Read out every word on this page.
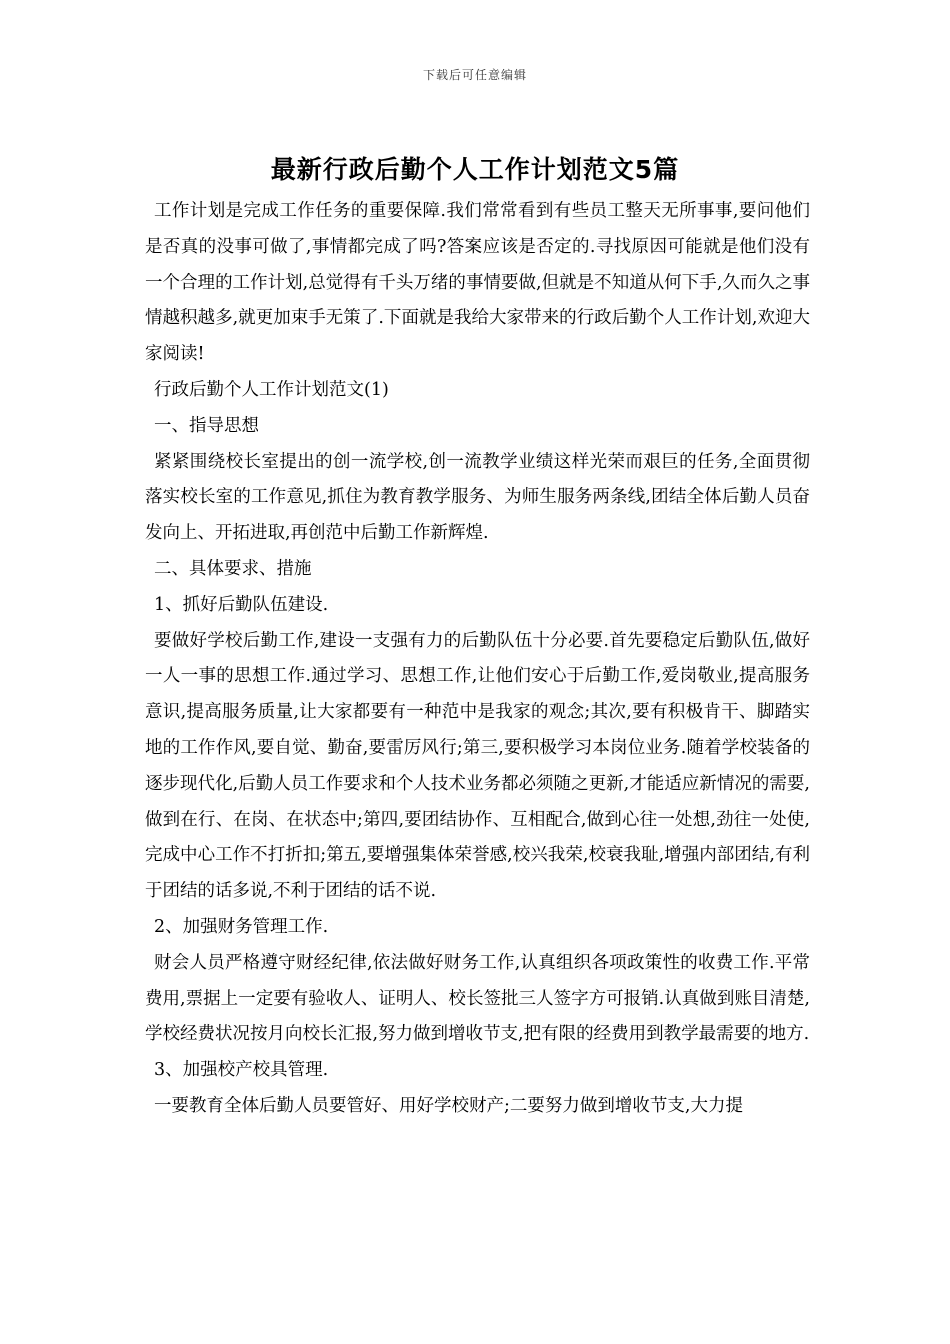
下载后可任意编辑
最新行政后勤个人工作计划范文5篇

工作计划是完成工作任务的重要保障.我们常常看到有些员工整天无所事事,要问他们是否真的没事可做了,事情都完成了吗?答案应该是否定的.寻找原因可能就是他们没有一个合理的工作计划,总觉得有千头万绪的事情要做,但就是不知道从何下手,久而久之事情越积越多,就更加束手无策了.下面就是我给大家带来的行政后勤个人工作计划,欢迎大家阅读!

行政后勤个人工作计划范文(1)

一、指导思想

紧紧围绕校长室提出的创一流学校,创一流教学业绩这样光荣而艰巨的任务,全面贯彻落实校长室的工作意见,抓住为教育教学服务、为师生服务两条线,团结全体后勤人员奋发向上、开拓进取,再创范中后勤工作新辉煌.

二、具体要求、措施

1、抓好后勤队伍建设.

要做好学校后勤工作,建设一支强有力的后勤队伍十分必要.首先要稳定后勤队伍,做好一人一事的思想工作.通过学习、思想工作,让他们安心于后勤工作,爱岗敬业,提高服务意识,提高服务质量,让大家都要有一种范中是我家的观念;其次,要有积极肯干、脚踏实地的工作作风,要自觉、勤奋,要雷厉风行;第三,要积极学习本岗位业务.随着学校装备的逐步现代化,后勤人员工作要求和个人技术业务都必须随之更新,才能适应新情况的需要,做到在行、在岗、在状态中;第四,要团结协作、互相配合,做到心往一处想,劲往一处使,完成中心工作不打折扣;第五,要增强集体荣誉感,校兴我荣,校衰我耻,增强内部团结,有利于团结的话多说,不利于团结的话不说.

2、加强财务管理工作.

财会人员严格遵守财经纪律,依法做好财务工作,认真组织各项政策性的收费工作.平常费用,票据上一定要有验收人、证明人、校长签批三人签字方可报销.认真做到账目清楚,学校经费状况按月向校长汇报,努力做到增收节支,把有限的经费用到教学最需要的地方.

3、加强校产校具管理.

一要教育全体后勤人员要管好、用好学校财产;二要努力做到增收节支,大力提
